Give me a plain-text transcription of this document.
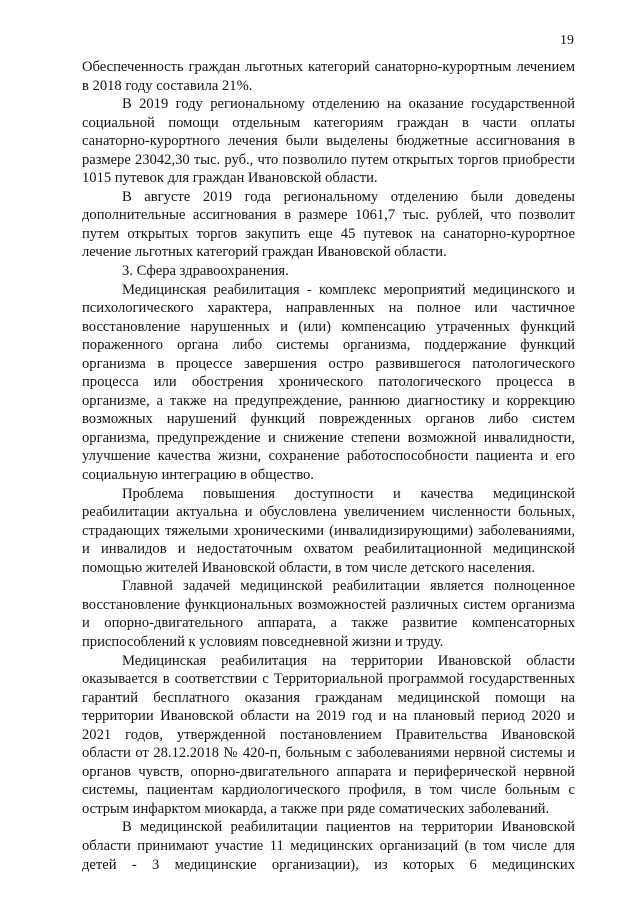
19

Обеспеченность граждан льготных категорий санаторно-курортным лечением в 2018 году составила 21%.

В 2019 году региональному отделению на оказание государственной социальной помощи отдельным категориям граждан в части оплаты санаторно-курортного лечения были выделены бюджетные ассигнования в размере 23042,30 тыс. руб., что позволило путем открытых торгов приобрести 1015 путевок для граждан Ивановской области.

В августе 2019 года региональному отделению были доведены дополнительные ассигнования в размере 1061,7 тыс. рублей, что позволит путем открытых торгов закупить еще 45 путевок на санаторно-курортное лечение льготных категорий граждан Ивановской области.

3. Сфера здравоохранения.

Медицинская реабилитация - комплекс мероприятий медицинского и психологического характера, направленных на полное или частичное восстановление нарушенных и (или) компенсацию утраченных функций пораженного органа либо системы организма, поддержание функций организма в процессе завершения остро развившегося патологического процесса или обострения хронического патологического процесса в организме, а также на предупреждение, раннюю диагностику и коррекцию возможных нарушений функций поврежденных органов либо систем организма, предупреждение и снижение степени возможной инвалидности, улучшение качества жизни, сохранение работоспособности пациента и его социальную интеграцию в общество.

Проблема повышения доступности и качества медицинской реабилитации актуальна и обусловлена увеличением численности больных, страдающих тяжелыми хроническими (инвалидизирующими) заболеваниями, и инвалидов и недостаточным охватом реабилитационной медицинской помощью жителей Ивановской области, в том числе детского населения.

Главной задачей медицинской реабилитации является полноценное восстановление функциональных возможностей различных систем организма и опорно-двигательного аппарата, а также развитие компенсаторных приспособлений к условиям повседневной жизни и труду.

Медицинская реабилитация на территории Ивановской области оказывается в соответствии с Территориальной программой государственных гарантий бесплатного оказания гражданам медицинской помощи на территории Ивановской области на 2019 год и на плановый период 2020 и 2021 годов, утвержденной постановлением Правительства Ивановской области от 28.12.2018 № 420-п, больным с заболеваниями нервной системы и органов чувств, опорно-двигательного аппарата и периферической нервной системы, пациентам кардиологического профиля, в том числе больным с острым инфарктом миокарда, а также при ряде соматических заболеваний.

В медицинской реабилитации пациентов на территории Ивановской области принимают участие 11 медицинских организаций (в том числе для детей - 3 медицинские организации), из которых 6 медицинских
